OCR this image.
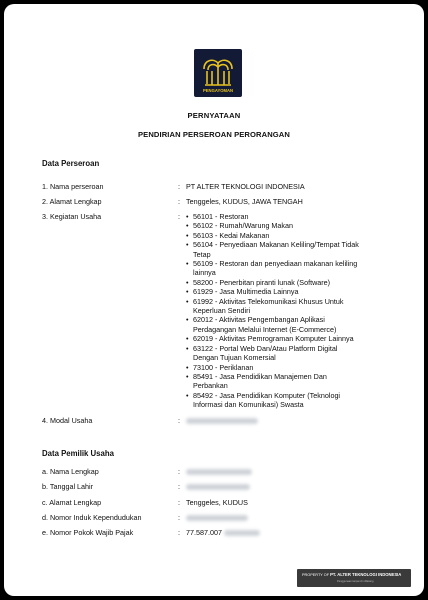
PENGAYOMAN
PERNYATAAN
PENDIRIAN PERSEROAN PERORANGAN
Data Perseroan
1. Nama perseroan	: PT ALTER TEKNOLOGI INDONESIA
2. Alamat Lengkap	: Tenggeles, KUDUS, JAWA TENGAH
3. Kegiatan Usaha	: • 56101 - Restoran
• 56102 - Rumah/Warung Makan
• 56103 - Kedai Makanan
• 56104 - Penyediaan Makanan Keliling/Tempat Tidak Tetap
• 56109 - Restoran dan penyediaan makanan keliling lainnya
• 58200 - Penerbitan piranti lunak (Software)
• 61929 - Jasa Multimedia Lainnya
• 61992 - Aktivitas Telekomunikasi Khusus Untuk Keperluan Sendiri
• 62012 - Aktivitas Pengembangan Aplikasi Perdagangan Melalui Internet (E-Commerce)
• 62019 - Aktivitas Pemrograman Komputer Lainnya
• 63122 - Portal Web Dan/Atau Platform Digital Dengan Tujuan Komersial
• 73100 - Periklanan
• 85491 - Jasa Pendidikan Manajemen Dan Perbankan
• 85492 - Jasa Pendidikan Komputer (Teknologi Informasi dan Komunikasi) Swasta
4. Modal Usaha	:
Data Pemilik Usaha
a. Nama Lengkap	:
b. Tanggal Lahir	:
c. Alamat Lengkap	: Tenggeles, KUDUS
d. Nomor Induk Kependudukan	:
e. Nomor Pokok Wajib Pajak	: 77.587.007
PROPERTY OF PT. ALTER TEKNOLOGI INDONESIA
Penggunaan tanpa izin dilarang
